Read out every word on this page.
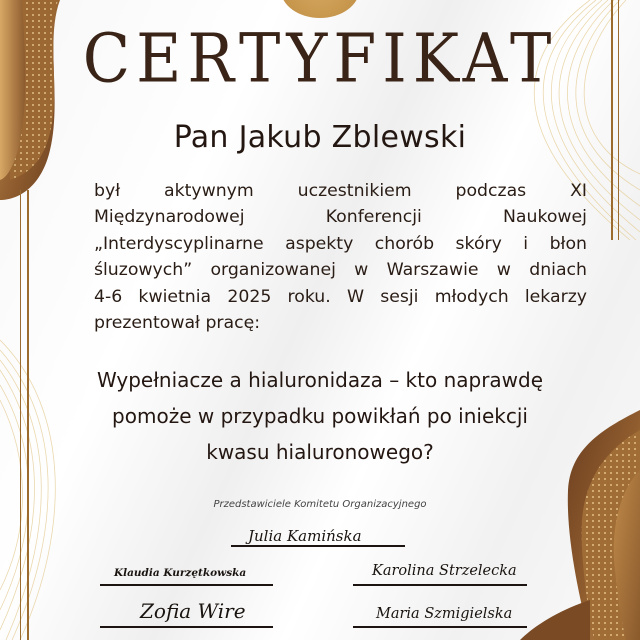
CERTYFIKAT
Pan Jakub Zblewski
był aktywnym uczestnikiem podczas XI
Międzynarodowej Konferencji Naukowej
„Interdyscyplinarne aspekty chorób skóry i błon
śluzowych” organizowanej w Warszawie w dniach
4-6 kwietnia 2025 roku. W sesji młodych lekarzy
prezentował pracę:
Wypełniacze a hialuronidaza – kto naprawdę
pomoże w przypadku powikłań po iniekcji
kwasu hialuronowego?
Przedstawiciele Komitetu Organizacyjnego
Julia Kamińska
Klaudia Kurzętkowska	Karolina Strzelecka
Zofia Wire	Maria Szmigielska
